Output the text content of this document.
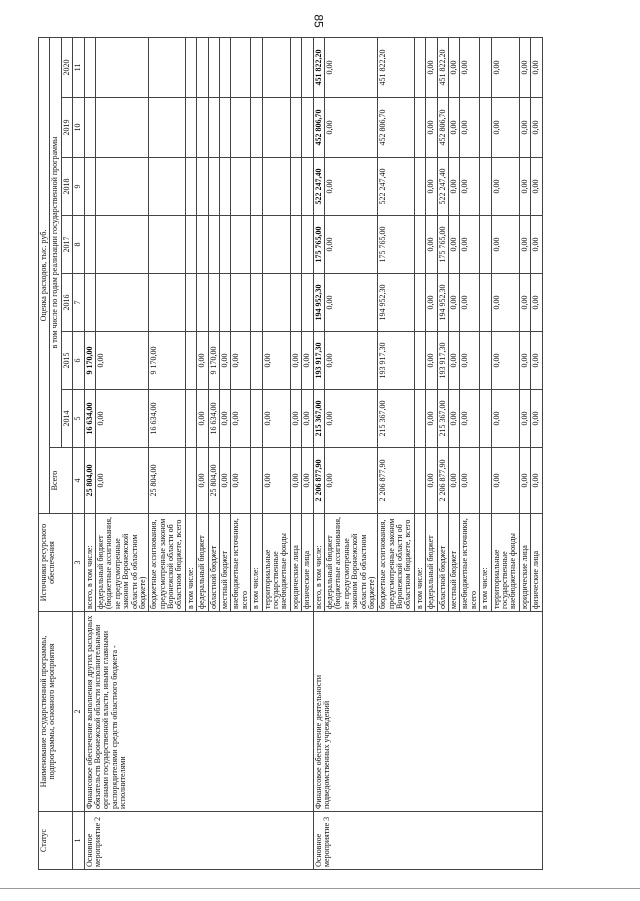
85
Статус	Наименование государственной программы, подпрограммы, основного мероприятия	Источники ресурсного обеспечения	Оценка расходов, тыс. руб.							
			Всего	в том числе по годам реализации государственной программы						
				2014	2015	2016	2017	2018	2019	2020
1	2	3	4	5	6	7	8	9	10	11
Основное мероприятие 2	Финансовое обеспечение выполнения других расходных обязательств Воронежской области исполнительными органами государственной власти, иными главными распорядителями средств областного бюджета - исполнителями	всего, в том числе:	25 804,00	16 634,00	9 170,00					
		федеральный бюджет (бюджетные ассигнования, не предусмотренные законом Воронежской области об областном бюджете)	0,00	0,00	0,00					
		бюджетные ассигнования, предусмотренные законом Воронежской области об областном бюджете, всего	25 804,00	16 634,00	9 170,00					
		в том числе:								
		федеральный бюджет	0,00	0,00	0,00					
		областной бюджет	25 804,00	16 634,00	9 170,00					
		местный бюджет	0,00	0,00	0,00					
		внебюджетные источники, всего	0,00	0,00	0,00					
		в том числе:								
		территориальные государственные внебюджетные фонды	0,00	0,00	0,00					
		юридические лица	0,00	0,00	0,00					
		физические лица	0,00	0,00	0,00					
Основное мероприятие 3	Финансовое обеспечение деятельности подведомственных учреждений	всего, в том числе:	2 206 877,90	215 367,00	193 917,30	194 952,30	175 765,00	522 247,40	452 806,70	451 822,20
		федеральный бюджет (бюджетные ассигнования, не предусмотренные законом Воронежской области об областном бюджете)	0,00	0,00	0,00	0,00	0,00	0,00	0,00	0,00
		бюджетные ассигнования, предусмотренные законом Воронежской области об областном бюджете, всего	2 206 877,90	215 367,00	193 917,30	194 952,30	175 765,00	522 247,40	452 806,70	451 822,20
		в том числе:								
		федеральный бюджет	0,00	0,00	0,00	0,00	0,00	0,00	0,00	0,00
		областной бюджет	2 206 877,90	215 367,00	193 917,30	194 952,30	175 765,00	522 247,40	452 806,70	451 822,20
		местный бюджет	0,00	0,00	0,00	0,00	0,00	0,00	0,00	0,00
		внебюджетные источники, всего	0,00	0,00	0,00	0,00	0,00	0,00	0,00	0,00
		в том числе:								
		территориальные государственные внебюджетные фонды	0,00	0,00	0,00	0,00	0,00	0,00	0,00	0,00
		юридические лица	0,00	0,00	0,00	0,00	0,00	0,00	0,00	0,00
		физические лица	0,00	0,00	0,00	0,00	0,00	0,00	0,00	0,00
